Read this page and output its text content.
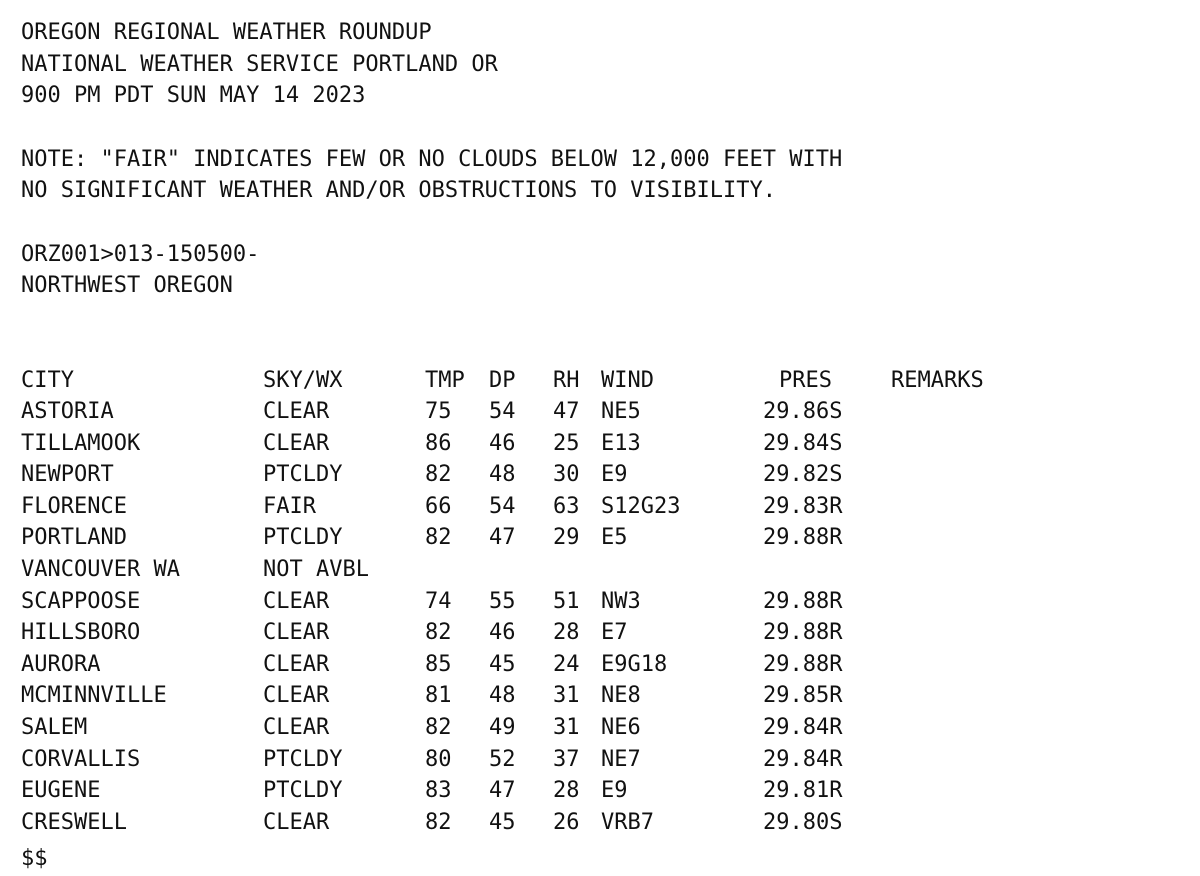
OREGON REGIONAL WEATHER ROUNDUP
NATIONAL WEATHER SERVICE PORTLAND OR
900 PM PDT SUN MAY 14 2023
NOTE: "FAIR" INDICATES FEW OR NO CLOUDS BELOW 12,000 FEET WITH
NO SIGNIFICANT WEATHER AND/OR OBSTRUCTIONS TO VISIBILITY.
ORZ001>013-150500-
NORTHWEST OREGON
CITY	SKY/WX	TMP DP RH WIND	PRES	REMARKS
ASTORIA	CLEAR	75 54 47 NE5	29.86S
TILLAMOOK	CLEAR	86 46 25 E13	29.84S
NEWPORT	PTCLDY	82 48 30 E9	29.82S
FLORENCE	FAIR	66 54 63 S12G23	29.83R
PORTLAND	PTCLDY	82 47 29 E5	29.88R
VANCOUVER WA	NOT AVBL
SCAPPOOSE	CLEAR	74 55 51 NW3	29.88R
HILLSBORO	CLEAR	82 46 28 E7	29.88R
AURORA	CLEAR	85 45 24 E9G18	29.88R
MCMINNVILLE	CLEAR	81 48 31 NE8	29.85R
SALEM	CLEAR	82 49 31 NE6	29.84R
CORVALLIS	PTCLDY	80 52 37 NE7	29.84R
EUGENE	PTCLDY	83 47 28 E9	29.81R
CRESWELL	CLEAR	82 45 26 VRB7	29.80S
$$
